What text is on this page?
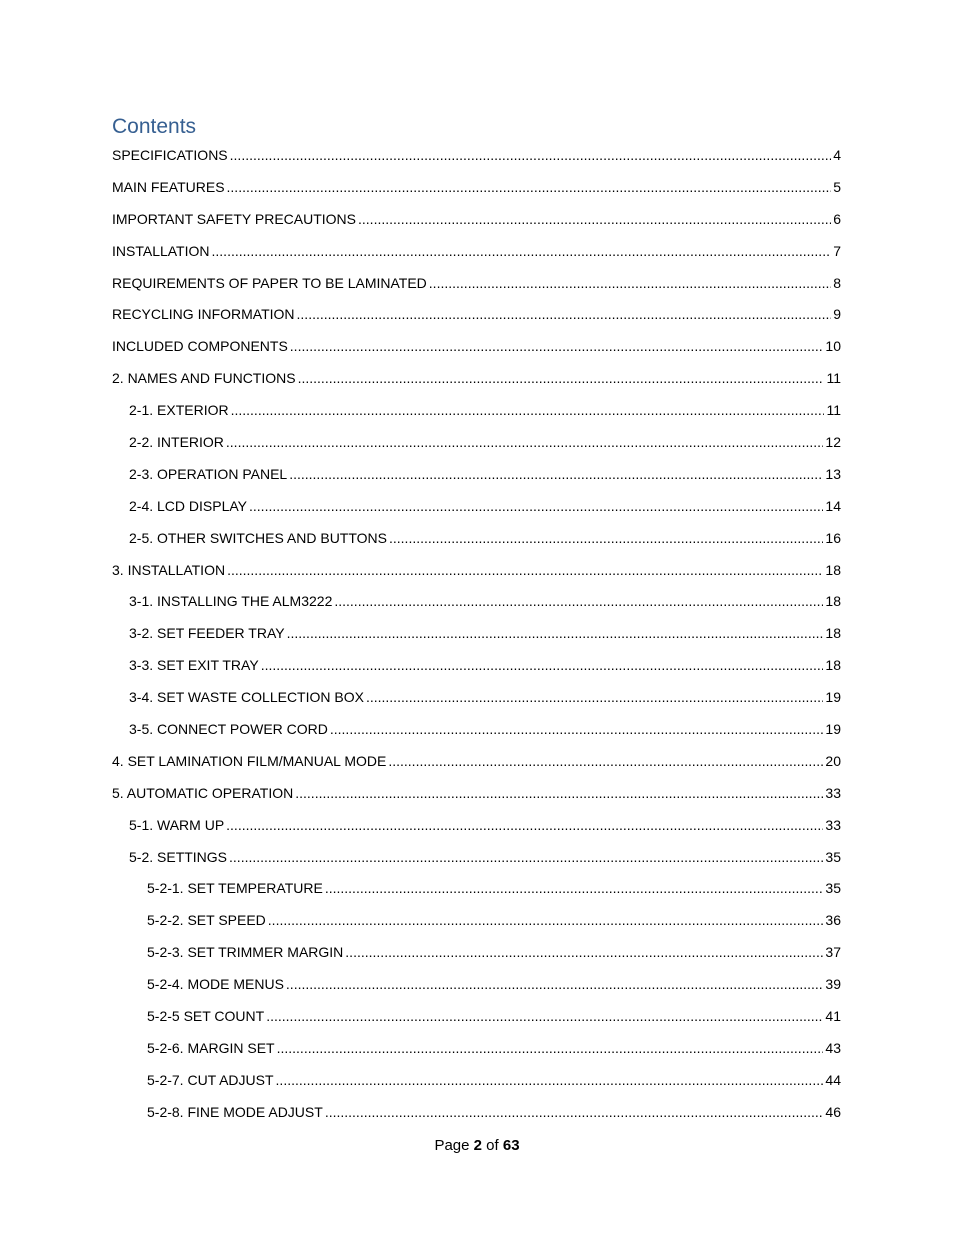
Contents
SPECIFICATIONS .....	4
MAIN FEATURES .....	5
IMPORTANT SAFETY PRECAUTIONS .....	6
INSTALLATION .....	7
REQUIREMENTS OF PAPER TO BE LAMINATED .....	8
RECYCLING INFORMATION .....	9
INCLUDED COMPONENTS .....	10
2. NAMES AND FUNCTIONS .....	11
2-1. EXTERIOR .....	11
2-2. INTERIOR .....	12
2-3. OPERATION PANEL .....	13
2-4. LCD DISPLAY .....	14
2-5. OTHER SWITCHES AND BUTTONS .....	16
3. INSTALLATION .....	18
3-1. INSTALLING THE ALM3222 .....	18
3-2. SET FEEDER TRAY .....	18
3-3. SET EXIT TRAY .....	18
3-4. SET WASTE COLLECTION BOX .....	19
3-5. CONNECT POWER CORD .....	19
4. SET LAMINATION FILM/MANUAL MODE .....	20
5. AUTOMATIC OPERATION .....	33
5-1. WARM UP .....	33
5-2. SETTINGS .....	35
5-2-1. SET TEMPERATURE .....	35
5-2-2. SET SPEED .....	36
5-2-3. SET TRIMMER MARGIN .....	37
5-2-4. MODE MENUS .....	39
5-2-5 SET COUNT .....	41
5-2-6. MARGIN SET .....	43
5-2-7. CUT ADJUST .....	44
5-2-8. FINE MODE ADJUST .....	46
Page 2 of 63
